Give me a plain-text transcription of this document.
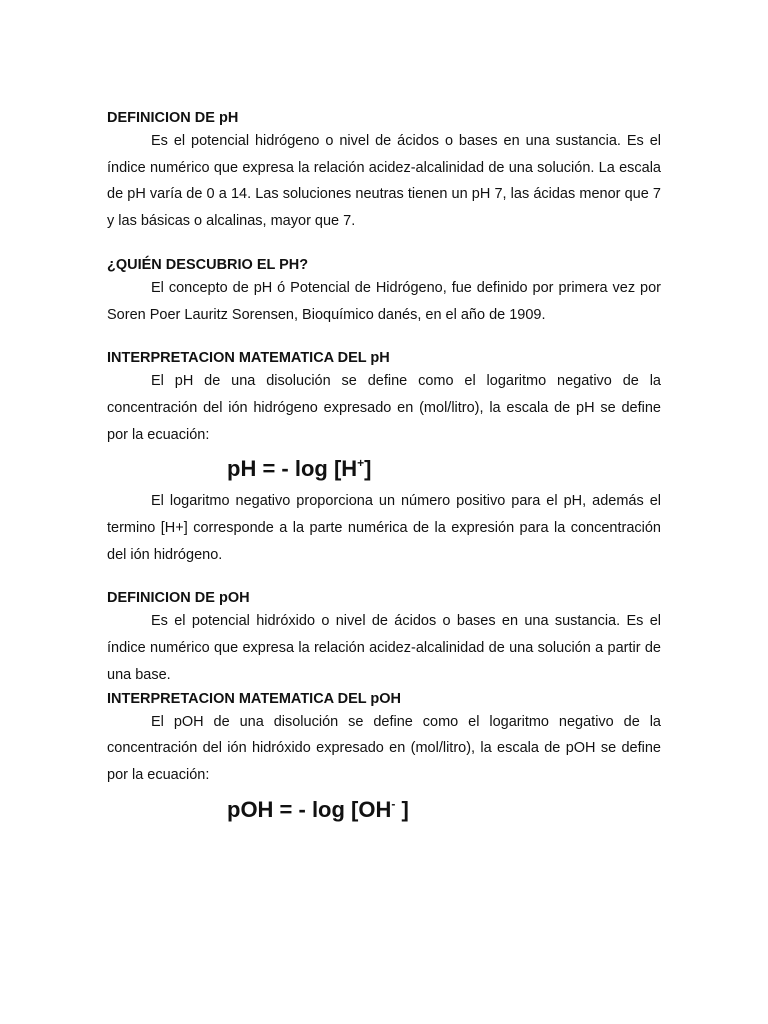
DEFINICION DE pH

Es el potencial hidrógeno o nivel de ácidos o bases en una sustancia. Es el índice numérico que expresa la relación acidez-alcalinidad de una solución. La escala de pH varía de 0 a 14. Las soluciones neutras tienen un pH 7, las ácidas menor que 7 y las básicas o alcalinas, mayor que 7.

¿QUIÉN DESCUBRIO EL PH?

El concepto de pH ó Potencial de Hidrógeno, fue definido por primera vez por Soren Poer Lauritz Sorensen, Bioquímico danés, en el año de 1909.

INTERPRETACION MATEMATICA DEL pH

El pH de una disolución se define como el logaritmo negativo de la concentración del ión hidrógeno expresado en (mol/litro), la escala de pH se define por la ecuación:

pH = - log [H+]

El logaritmo negativo proporciona un número positivo para el pH, además el termino [H+] corresponde a la parte numérica de la expresión para la concentración del ión hidrógeno.

DEFINICION DE pOH

Es el potencial hidróxido o nivel de ácidos o bases en una sustancia. Es el índice numérico que expresa la relación acidez-alcalinidad de una solución a partir de una base.

INTERPRETACION MATEMATICA DEL pOH

El pOH de una disolución se define como el logaritmo negativo de la concentración del ión hidróxido expresado en (mol/litro), la escala de pOH se define por la ecuación:

pOH = - log [OH- ]
